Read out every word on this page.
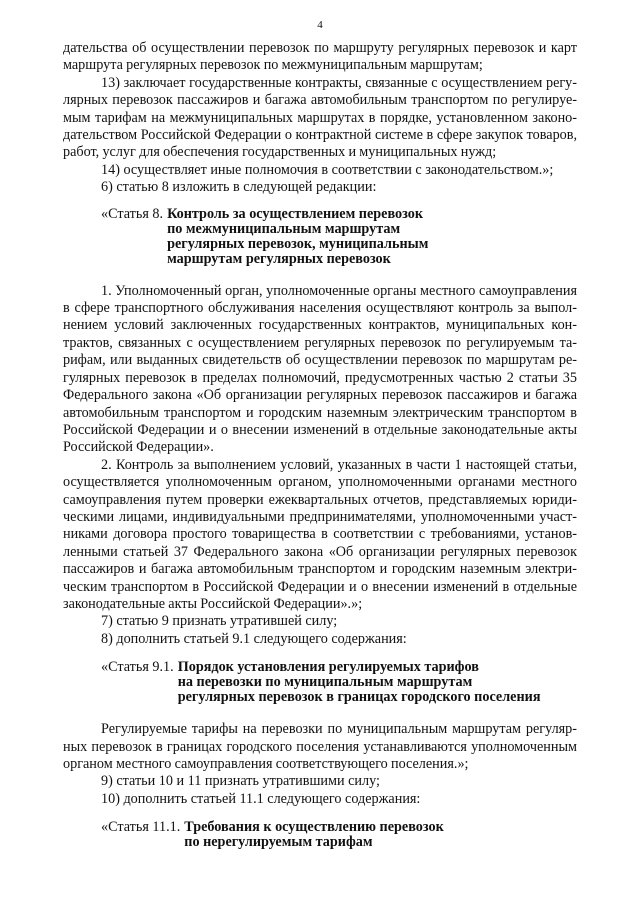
4
дательства об осуществлении перевозок по маршруту регулярных перевозок и карт
маршрута регулярных перевозок по межмуниципальным маршрутам;
13) заключает государственные контракты, связанные с осуществлением регу-
лярных перевозок пассажиров и багажа автомобильным транспортом по регулируе-
мым тарифам на межмуниципальных маршрутах в порядке, установленном законо-
дательством Российской Федерации о контрактной системе в сфере закупок товаров,
работ, услуг для обеспечения государственных и муниципальных нужд;

14) осуществляет иные полномочия в соответствии с законодательством.»;

6) статью 8 изложить в следующей редакции:

«Статья 8. Контроль за осуществлением перевозок
по межмуниципальным маршрутам
регулярных перевозок, муниципальным
маршрутам регулярных перевозок
1. Уполномоченный орган, уполномоченные органы местного самоуправления
в сфере транспортного обслуживания населения осуществляют контроль за выпол-
нением условий заключенных государственных контрактов, муниципальных кон-
трактов, связанных с осуществлением регулярных перевозок по регулируемым та-
рифам, или выданных свидетельств об осуществлении перевозок по маршрутам ре-
гулярных перевозок в пределах полномочий, предусмотренных частью 2 статьи 35
Федерального закона «Об организации регулярных перевозок пассажиров и багажа
автомобильным транспортом и городским наземным электрическим транспортом в
Российской Федерации и о внесении изменений в отдельные законодательные акты
Российской Федерации».
2. Контроль за выполнением условий, указанных в части 1 настоящей статьи,
осуществляется уполномоченным органом, уполномоченными органами местного
самоуправления путем проверки ежеквартальных отчетов, представляемых юриди-
ческими лицами, индивидуальными предпринимателями, уполномоченными участ-
никами договора простого товарищества в соответствии с требованиями, установ-
ленными статьей 37 Федерального закона «Об организации регулярных перевозок
пассажиров и багажа автомобильным транспортом и городским наземным электри-
ческим транспортом в Российской Федерации и о внесении изменений в отдельные
законодательные акты Российской Федерации».»;

7) статью 9 признать утратившей силу;

8) дополнить статьей 9.1 следующего содержания:

«Статья 9.1. Порядок установления регулируемых тарифов
на перевозки по муниципальным маршрутам
регулярных перевозок в границах городского поселения
Регулируемые тарифы на перевозки по муниципальным маршрутам регуляр-
ных перевозок в границах городского поселения устанавливаются уполномоченным
органом местного самоуправления соответствующего поселения.»;

9) статьи 10 и 11 признать утратившими силу;

10) дополнить статьей 11.1 следующего содержания:

«Статья 11.1. Требования к осуществлению перевозок
по нерегулируемым тарифам
